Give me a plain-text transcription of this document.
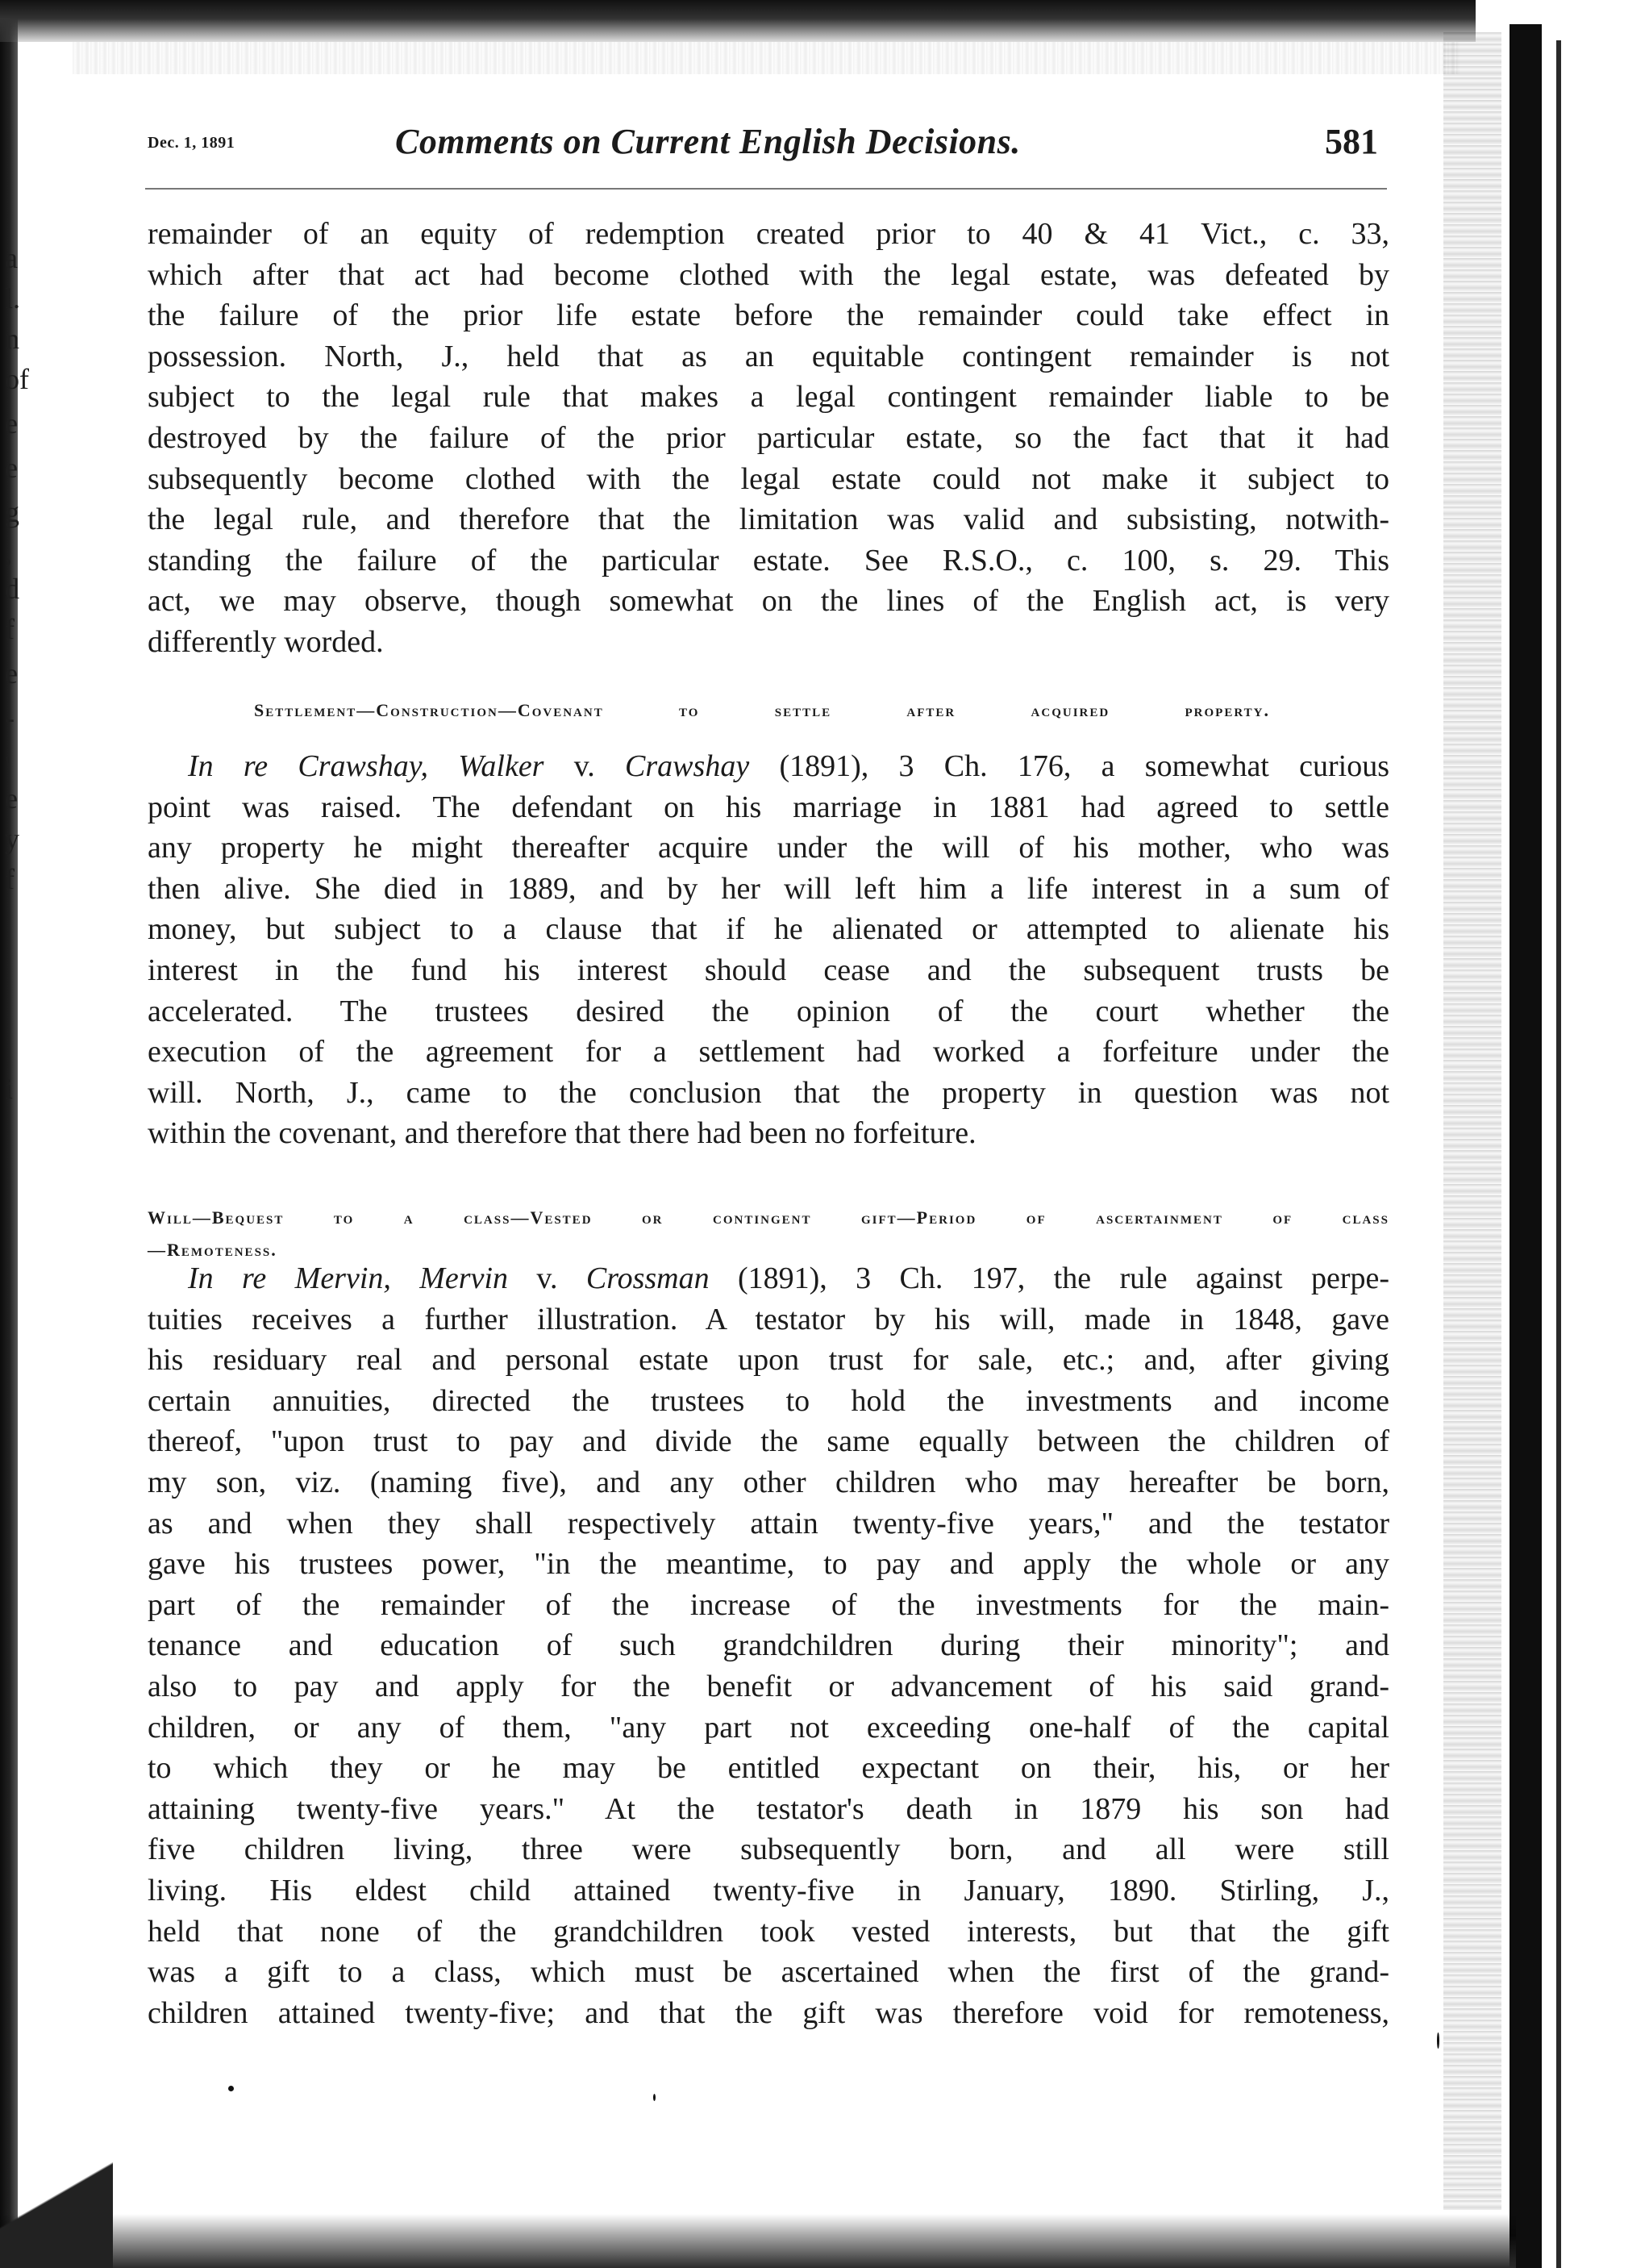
a
l.
n
of
e
e
g
,
d
f
e
-
'
e
y
f
i
Dec. 1, 1891	Comments on Current English Decisions.	581
remainder of an equity of redemption created prior to 40 & 41 Vict., c. 33,
which after that act had become clothed with the legal estate, was defeated by
the failure of the prior life estate before the remainder could take effect in
possession. North, J., held that as an equitable contingent remainder is not
subject to the legal rule that makes a legal contingent remainder liable to be
destroyed by the failure of the prior particular estate, so the fact that it had
subsequently become clothed with the legal estate could not make it subject to
the legal rule, and therefore that the limitation was valid and subsisting, notwith-
standing the failure of the particular estate. See R.S.O., c. 100, s. 29. This
act, we may observe, though somewhat on the lines of the English act, is very
differently worded.
Settlement—Construction—Covenant to settle after acquired property.
In re Crawshay, Walker v. Crawshay (1891), 3 Ch. 176, a somewhat curious
point was raised. The defendant on his marriage in 1881 had agreed to settle
any property he might thereafter acquire under the will of his mother, who was
then alive. She died in 1889, and by her will left him a life interest in a sum of
money, but subject to a clause that if he alienated or attempted to alienate his
interest in the fund his interest should cease and the subsequent trusts be
accelerated. The trustees desired the opinion of the court whether the
execution of the agreement for a settlement had worked a forfeiture under the
will. North, J., came to the conclusion that the property in question was not
within the covenant, and therefore that there had been no forfeiture.
Will—Bequest to a class—Vested or contingent gift—Period of ascertainment of class
—Remoteness.
In re Mervin, Mervin v. Crossman (1891), 3 Ch. 197, the rule against perpe-
tuities receives a further illustration. A testator by his will, made in 1848, gave
his residuary real and personal estate upon trust for sale, etc.; and, after giving
certain annuities, directed the trustees to hold the investments and income
thereof, "upon trust to pay and divide the same equally between the children of
my son, viz. (naming five), and any other children who may hereafter be born,
as and when they shall respectively attain twenty-five years," and the testator
gave his trustees power, "in the meantime, to pay and apply the whole or any
part of the remainder of the increase of the investments for the main-
tenance and education of such grandchildren during their minority"; and
also to pay and apply for the benefit or advancement of his said grand-
children, or any of them, "any part not exceeding one-half of the capital
to which they or he may be entitled expectant on their, his, or her
attaining twenty-five years." At the testator's death in 1879 his son had
five children living, three were subsequently born, and all were still
living. His eldest child attained twenty-five in January, 1890. Stirling, J.,
held that none of the grandchildren took vested interests, but that the gift
was a gift to a class, which must be ascertained when the first of the grand-
children attained twenty-five; and that the gift was therefore void for remoteness,
